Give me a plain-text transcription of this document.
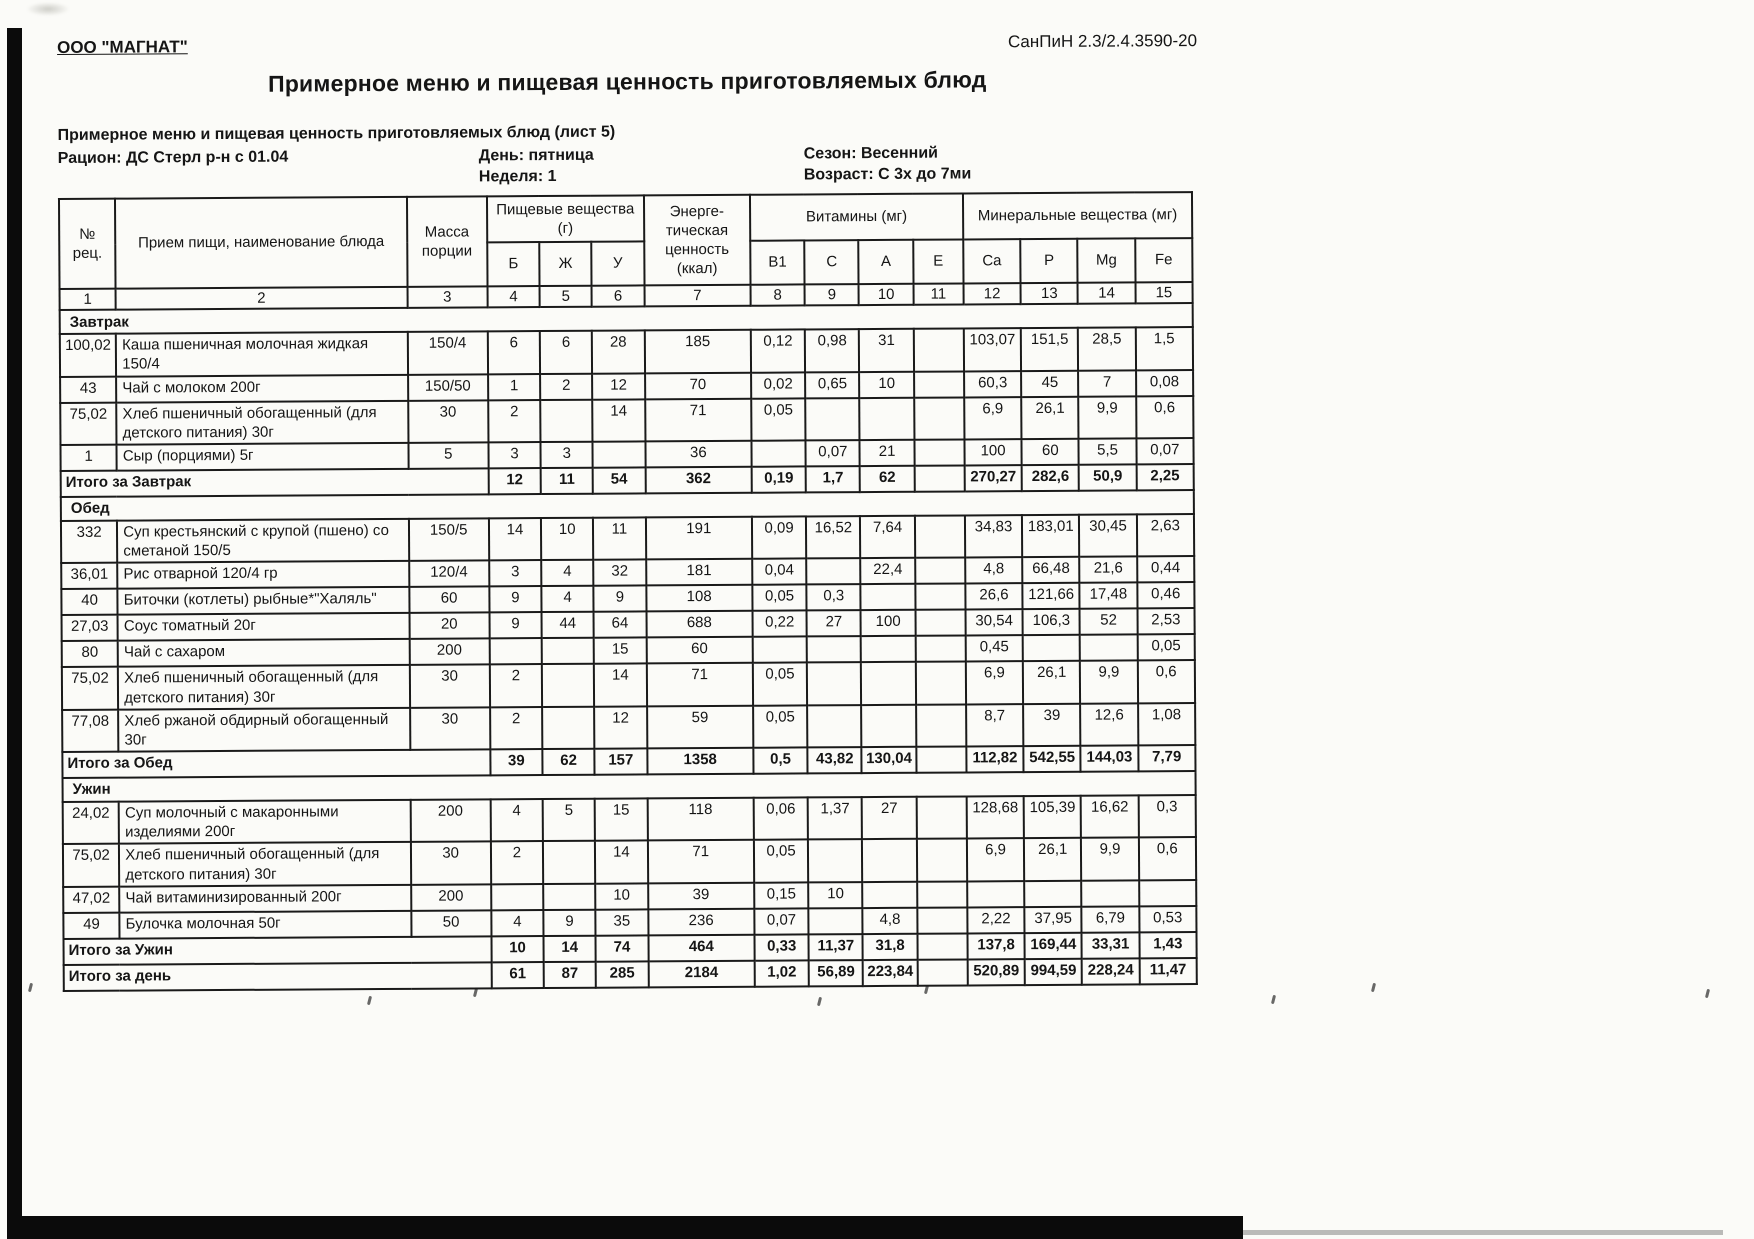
ООО "МАГНАТ"	СанПиН 2.3/2.4.3590-20
Примерное меню и пищевая ценность приготовляемых блюд
Примерное меню и пищевая ценность приготовляемых блюд (лист 5)
Рацион: ДС Стерл р-н с 01.04	День: пятница	Сезон: Весенний
Неделя: 1	Возраст: С 3х до 7ми
№ рец.	Прием пищи, наименование блюда	Масса порции	Пищевые вещества (г)			Энерге-тическая ценность (ккал)	Витамины (мг)				Минеральные вещества (мг)			
			Б	Ж	У		B1	C	A	E	Ca	P	Mg	Fe
1	2	3	4	5	6	7	8	9	10	11	12	13	14	15
Завтрак														
100,02	Каша пшеничная молочная жидкая 150/4	150/4	6	6	28	185	0,12	0,98	31		103,07	151,5	28,5	1,5
43	Чай с молоком 200г	150/50	1	2	12	70	0,02	0,65	10		60,3	45	7	0,08
75,02	Хлеб пшеничный обогащенный (для детского питания) 30г	30	2		14	71	0,05				6,9	26,1	9,9	0,6
1	Сыр (порциями) 5г	5	3	3		36		0,07	21		100	60	5,5	0,07
Итого за Завтрак			12	11	54	362	0,19	1,7	62		270,27	282,6	50,9	2,25
Обед														
332	Суп крестьянский с крупой (пшено) со сметаной 150/5	150/5	14	10	11	191	0,09	16,52	7,64		34,83	183,01	30,45	2,63
36,01	Рис отварной 120/4 гр	120/4	3	4	32	181	0,04		22,4		4,8	66,48	21,6	0,44
40	Биточки (котлеты) рыбные*"Халяль"	60	9	4	9	108	0,05	0,3			26,6	121,66	17,48	0,46
27,03	Соус томатный 20г	20	9	44	64	688	0,22	27	100		30,54	106,3	52	2,53
80	Чай с сахаром	200			15	60					0,45			0,05
75,02	Хлеб пшеничный обогащенный (для детского питания) 30г	30	2		14	71	0,05				6,9	26,1	9,9	0,6
77,08	Хлеб ржаной обдирный обогащенный 30г	30	2		12	59	0,05				8,7	39	12,6	1,08
Итого за Обед			39	62	157	1358	0,5	43,82	130,04		112,82	542,55	144,03	7,79
Ужин														
24,02	Суп молочный с макаронными изделиями 200г	200	4	5	15	118	0,06	1,37	27		128,68	105,39	16,62	0,3
75,02	Хлеб пшеничный обогащенный (для детского питания) 30г	30	2		14	71	0,05				6,9	26,1	9,9	0,6
47,02	Чай витаминизированный 200г	200			10	39	0,15	10						
49	Булочка молочная 50г	50	4	9	35	236	0,07		4,8		2,22	37,95	6,79	0,53
Итого за Ужин			10	14	74	464	0,33	11,37	31,8		137,8	169,44	33,31	1,43
Итого за день			61	87	285	2184	1,02	56,89	223,84		520,89	994,59	228,24	11,47
